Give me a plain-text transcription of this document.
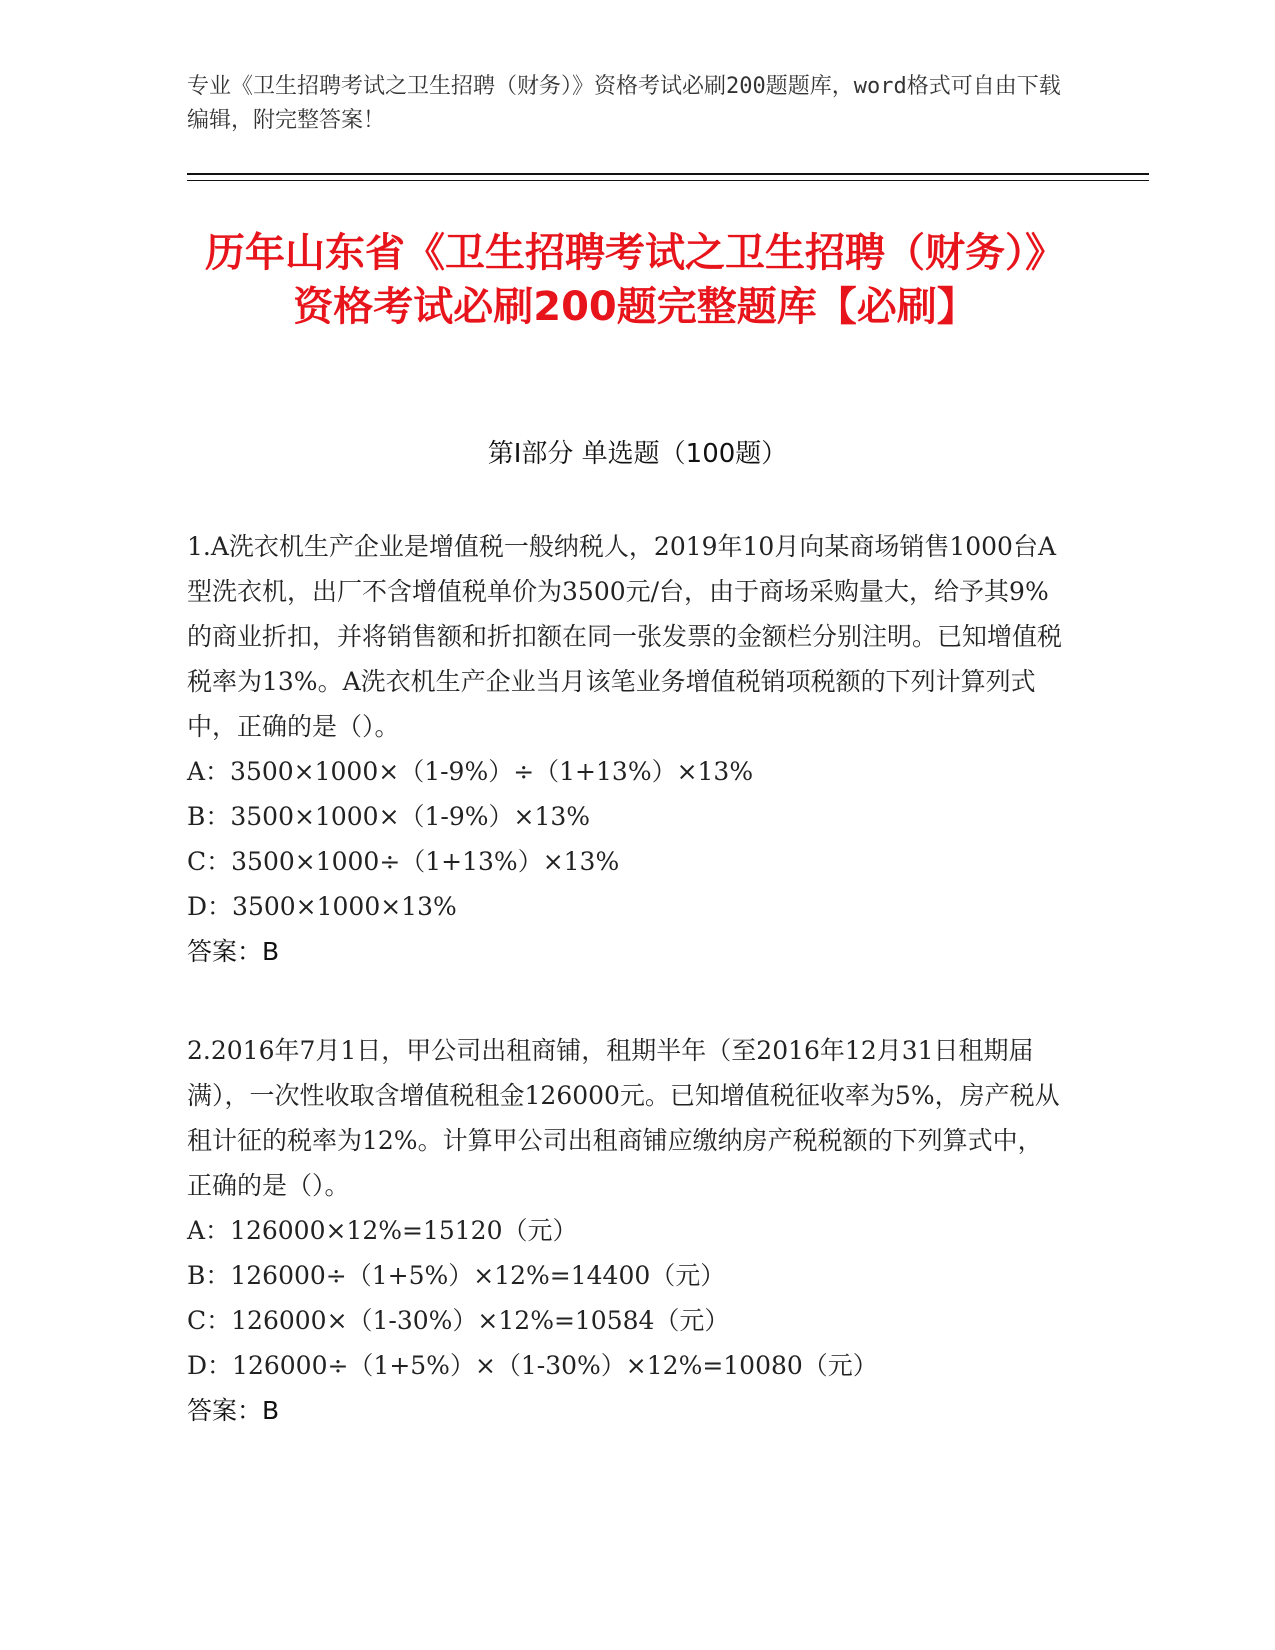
专业《卫生招聘考试之卫生招聘（财务）》资格考试必刷200题题库，word格式可自由下载编辑，附完整答案！
历年山东省《卫生招聘考试之卫生招聘（财务）》资格考试必刷200题完整题库【必刷】
第Ⅰ部分 单选题（100题）

1.A洗衣机生产企业是增值税一般纳税人，2019年10月向某商场销售1000台A型洗衣机，出厂不含增值税单价为3500元/台，由于商场采购量大，给予其9%的商业折扣，并将销售额和折扣额在同一张发票的金额栏分别注明。已知增值税税率为13%。A洗衣机生产企业当月该笔业务增值税销项税额的下列计算列式中，正确的是（）。

A：3500×1000×（1-9%）÷（1+13%）×13%

B：3500×1000×（1-9%）×13%

C：3500×1000÷（1+13%）×13%

D：3500×1000×13%

答案：B

2.2016年7月1日，甲公司出租商铺，租期半年（至2016年12月31日租期届满），一次性收取含增值税租金126000元。已知增值税征收率为5%，房产税从租计征的税率为12%。计算甲公司出租商铺应缴纳房产税税额的下列算式中，正确的是（）。

A：126000×12%=15120（元）

B：126000÷（1+5%）×12%=14400（元）

C：126000×（1-30%）×12%=10584（元）

D：126000÷（1+5%）×（1-30%）×12%=10080（元）

答案：B
